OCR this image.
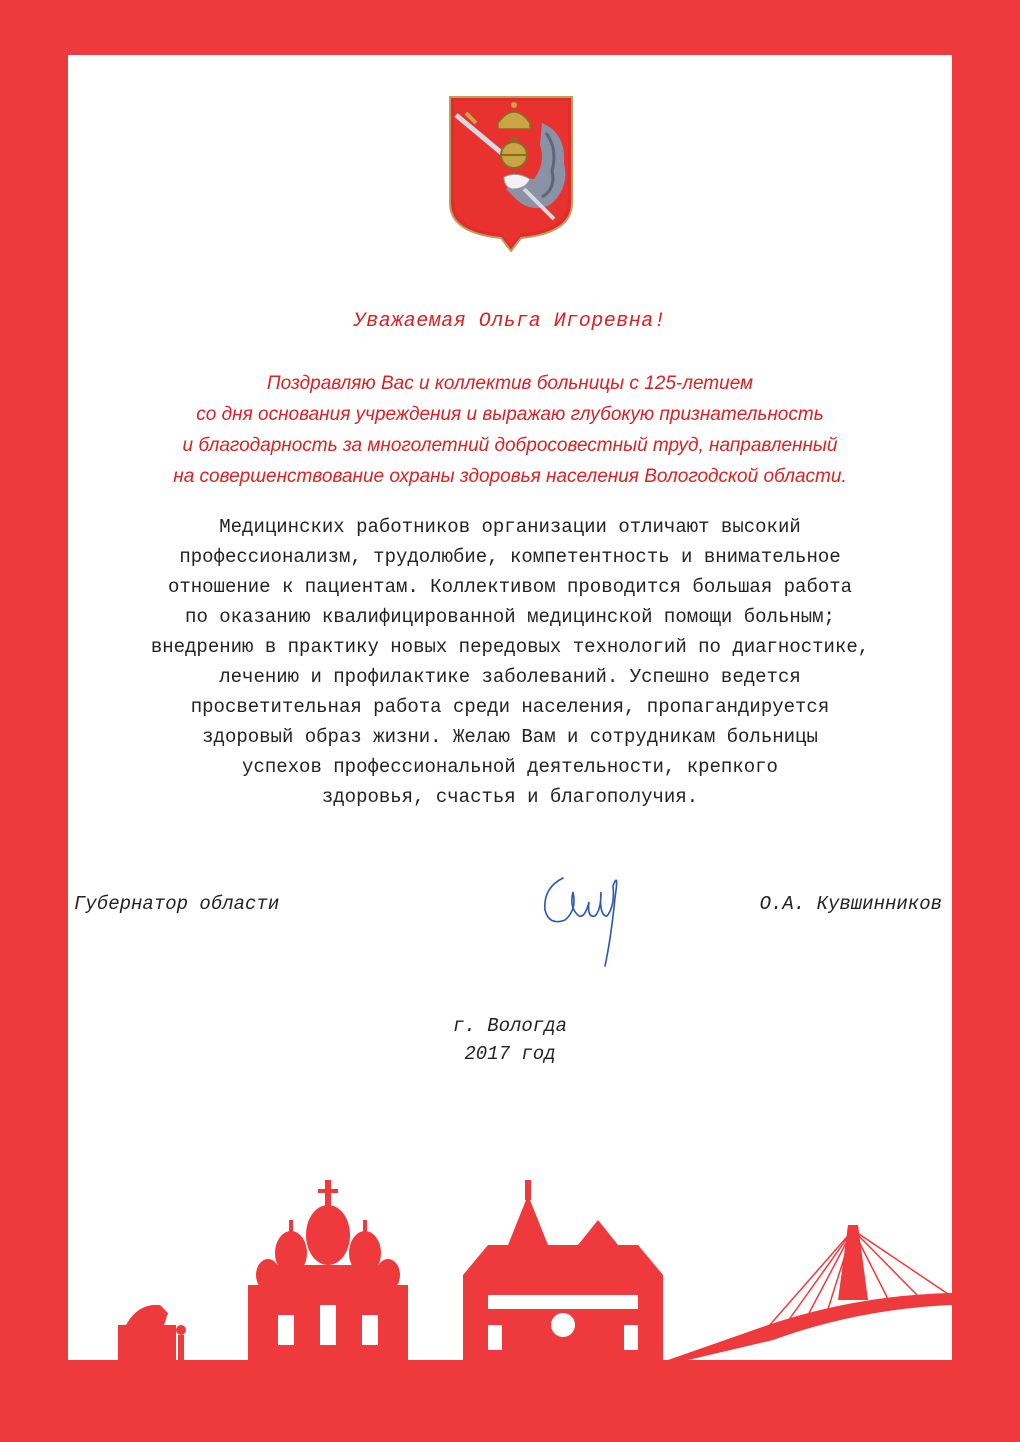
Уважаемая Ольга Игоревна!
Поздравляю Вас и коллектив больницы с 125-летием
со дня основания учреждения и выражаю глубокую признательность
и благодарность за многолетний добросовестный труд, направленный
на совершенствование охраны здоровья населения Вологодской области.
Медицинских работников организации отличают высокий
профессионализм, трудолюбие, компетентность и внимательное
отношение к пациентам. Коллективом проводится большая работа
по оказанию квалифицированной медицинской помощи больным;
внедрению в практику новых передовых технологий по диагностике,
лечению и профилактике заболеваний. Успешно ведется
просветительная работа среди населения, пропагандируется
здоровый образ жизни. Желаю Вам и сотрудникам больницы
успехов профессиональной деятельности, крепкого
здоровья, счастья и благополучия.
Губернатор области	О.А. Кувшинников
г. Вологда
2017 год
